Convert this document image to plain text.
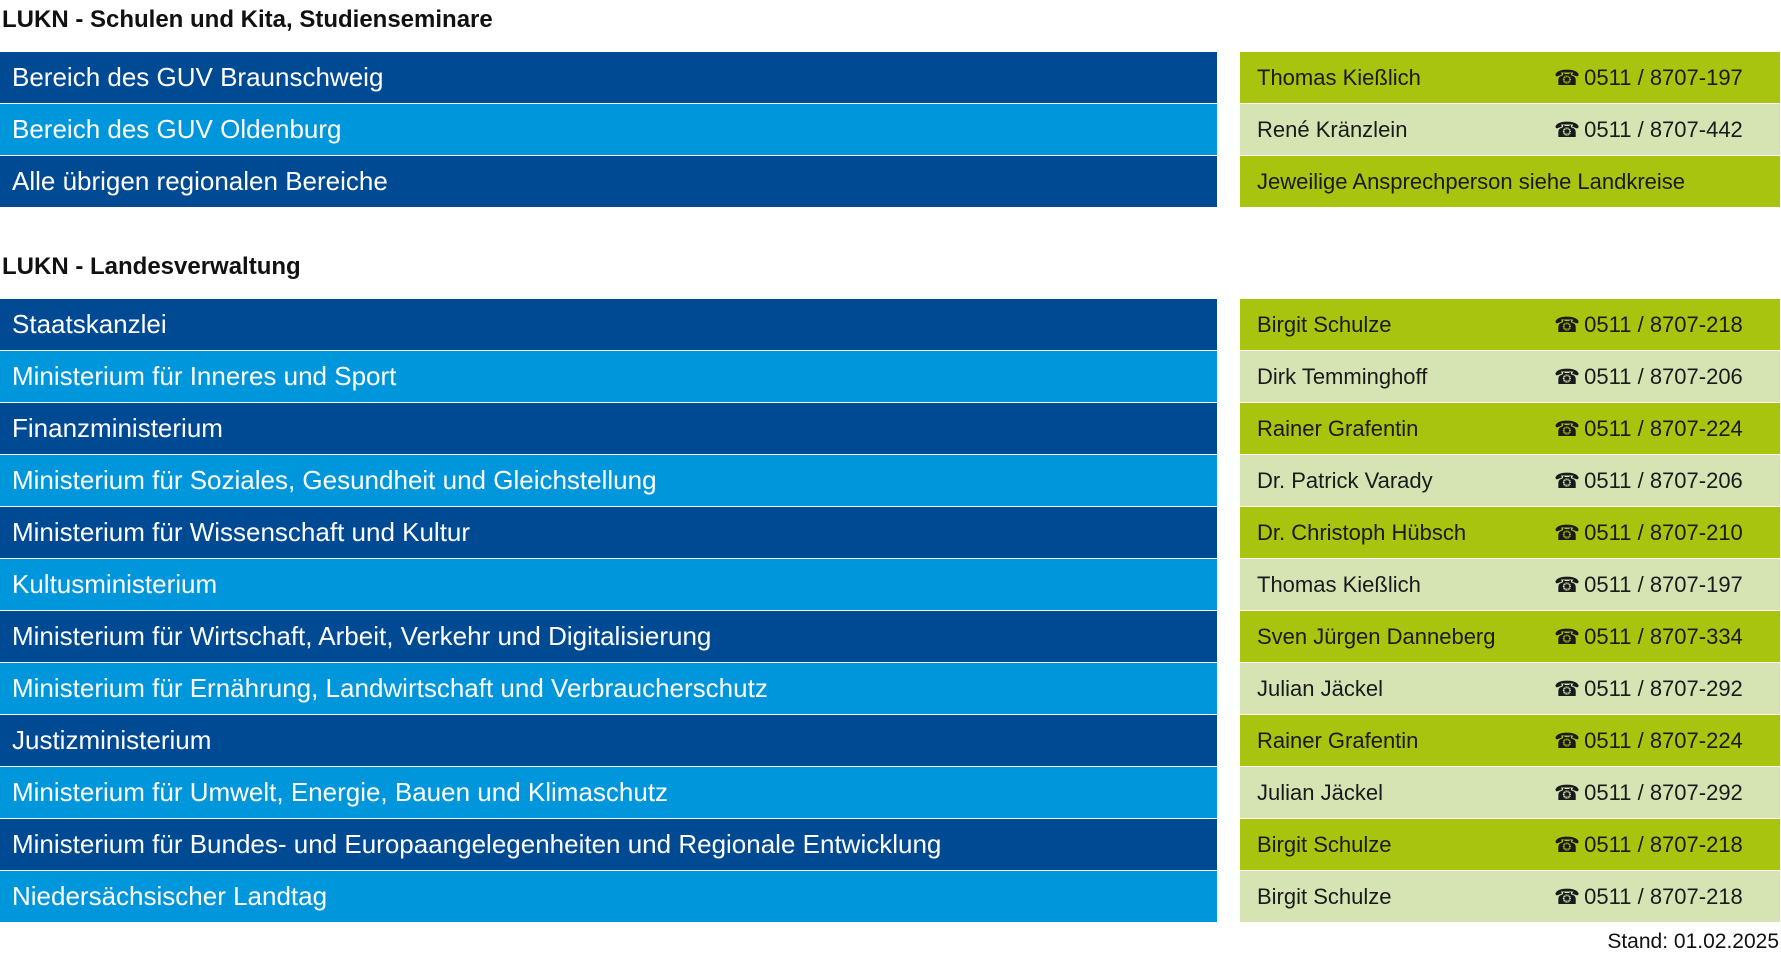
LUKN - Schulen und Kita, Studienseminare
Bereich des GUV Braunschweig	Thomas Kießlich	☎ 0511 / 8707-197
Bereich des GUV Oldenburg	René Kränzlein	☎ 0511 / 8707-442
Alle übrigen regionalen Bereiche	Jeweilige Ansprechperson siehe Landkreise
LUKN - Landesverwaltung
Staatskanzlei	Birgit Schulze	☎ 0511 / 8707-218
Ministerium für Inneres und Sport	Dirk Temminghoff	☎ 0511 / 8707-206
Finanzministerium	Rainer Grafentin	☎ 0511 / 8707-224
Ministerium für Soziales, Gesundheit und Gleichstellung	Dr. Patrick Varady	☎ 0511 / 8707-206
Ministerium für Wissenschaft und Kultur	Dr. Christoph Hübsch	☎ 0511 / 8707-210
Kultusministerium	Thomas Kießlich	☎ 0511 / 8707-197
Ministerium für Wirtschaft, Arbeit, Verkehr und Digitalisierung	Sven Jürgen Danneberg	☎ 0511 / 8707-334
Ministerium für Ernährung, Landwirtschaft und Verbraucherschutz	Julian Jäckel	☎ 0511 / 8707-292
Justizministerium	Rainer Grafentin	☎ 0511 / 8707-224
Ministerium für Umwelt, Energie, Bauen und Klimaschutz	Julian Jäckel	☎ 0511 / 8707-292
Ministerium für Bundes- und Europaangelegenheiten und Regionale Entwicklung	Birgit Schulze	☎ 0511 / 8707-218
Niedersächsischer Landtag	Birgit Schulze	☎ 0511 / 8707-218
Stand: 01.02.2025
